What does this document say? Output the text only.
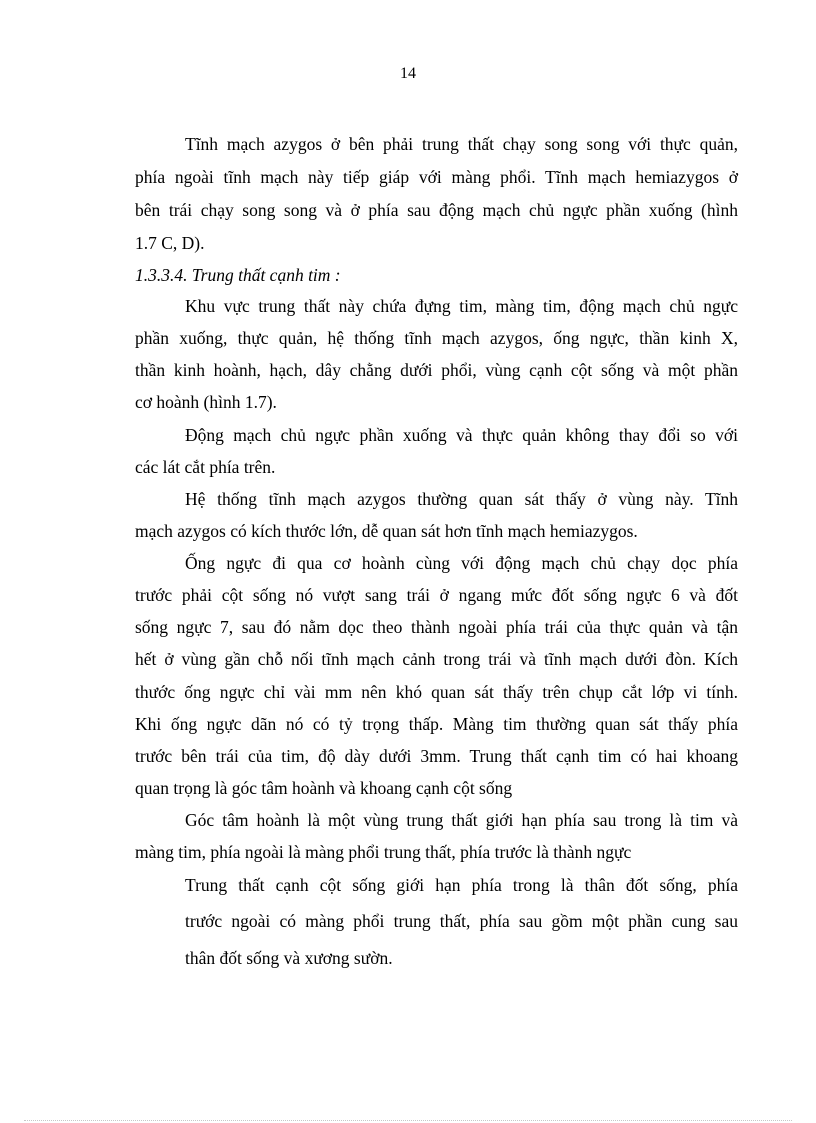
14

Tĩnh mạch azygos ở bên phải trung thất chạy song song với thực quản,

phía ngoài tĩnh mạch này tiếp giáp với màng phổi. Tĩnh mạch hemiazygos ở

bên trái chạy song song và ở phía sau động mạch chủ ngực phần xuống (hình

1.7 C, D).

1.3.3.4. Trung thất cạnh tim :

Khu vực trung thất này chứa đựng tim, màng tim, động mạch chủ ngực

phần xuống, thực quản, hệ thống tĩnh mạch azygos, ống ngực, thần kinh X,

thần kinh hoành, hạch, dây chằng dưới phổi, vùng cạnh cột sống và một phần

cơ hoành (hình 1.7).

Động mạch chủ ngực phần xuống và thực quản không thay đổi so với

các lát cắt phía trên.

Hệ thống tĩnh mạch azygos thường quan sát thấy ở vùng này. Tĩnh

mạch azygos có kích thước lớn, dễ quan sát hơn tĩnh mạch hemiazygos.

Ống ngực đi qua cơ hoành cùng với động mạch chủ chạy dọc phía

trước phải cột sống nó vượt sang trái ở ngang mức đốt sống ngực 6 và đốt

sống ngực 7, sau đó nằm dọc theo thành ngoài phía trái của thực quản và tận

hết ở vùng gần chỗ nối tĩnh mạch cảnh trong trái và tĩnh mạch dưới đòn. Kích

thước ống ngực chỉ vài mm nên khó quan sát thấy trên chụp cắt lớp vi tính.

Khi ống ngực dãn nó có tỷ trọng thấp. Màng tim thường quan sát thấy phía

trước bên trái của tim, độ dày dưới 3mm. Trung thất cạnh tim có hai khoang

quan trọng là góc tâm hoành và khoang cạnh cột sống

Góc tâm hoành là một vùng trung thất giới hạn phía sau trong là tim và

màng tim, phía ngoài là màng phổi trung thất, phía trước là thành ngực

Trung thất cạnh cột sống giới hạn phía trong là thân đốt sống, phía

trước ngoài có màng phổi trung thất, phía sau gồm một phần cung sau

thân đốt sống và xương sườn.
